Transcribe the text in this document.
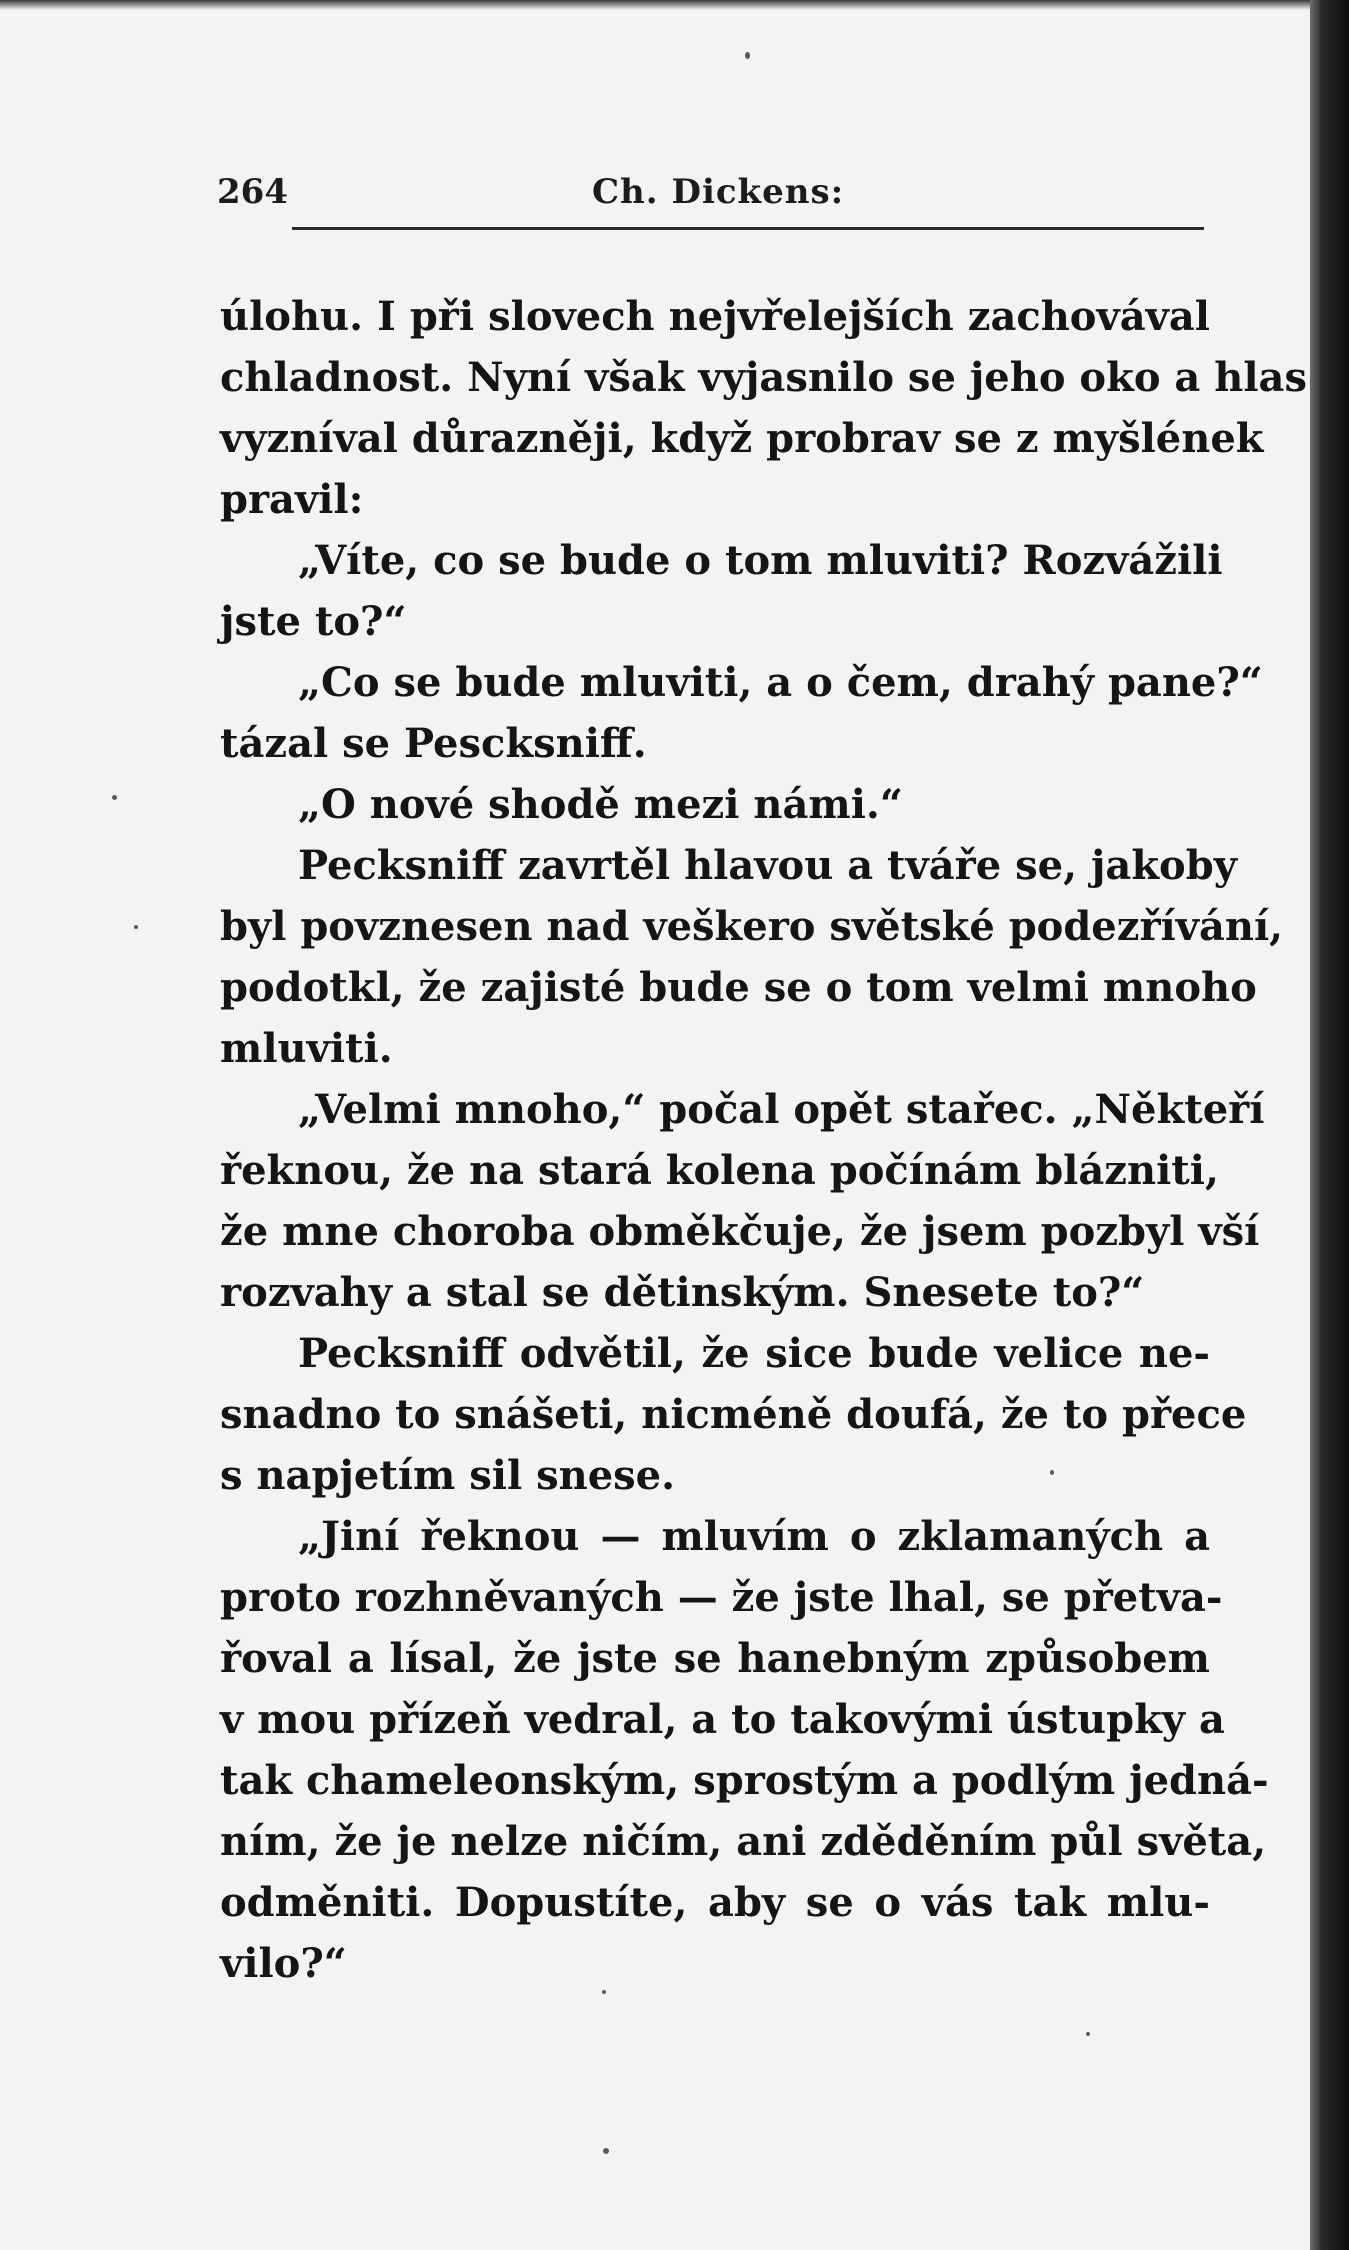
264	Ch. Dickens:
úlohu. I při slovech nejvřelejších zachovával
chladnost. Nyní však vyjasnilo se jeho oko a hlas
vyzníval důrazněji, když probrav se z myšlének
pravil:
„Víte, co se bude o tom mluviti? Rozvážili
jste to?“
„Co se bude mluviti, a o čem, drahý pane?“
tázal se Pescksniff.
„O nové shodě mezi námi.“
Pecksniff zavrtěl hlavou a tváře se, jakoby
byl povznesen nad veškero světské podezřívání,
podotkl, že zajisté bude se o tom velmi mnoho
mluviti.
„Velmi mnoho,“ počal opět stařec. „Někteří
řeknou, že na stará kolena počínám blázniti,
že mne choroba obměkčuje, že jsem pozbyl vší
rozvahy a stal se dětinským. Snesete to?“
Pecksniff odvětil, že sice bude velice ne-
snadno to snášeti, nicméně doufá, že to přece
s napjetím sil snese.
„Jiní řeknou — mluvím o zklamaných a
proto rozhněvaných — že jste lhal, se přetva-
řoval a lísal, že jste se hanebným způsobem
v mou přízeň vedral, a to takovými ústupky a
tak chameleonským, sprostým a podlým jedná-
ním, že je nelze ničím, ani zděděním půl světa,
odměniti. Dopustíte, aby se o vás tak mlu-
vilo?“
